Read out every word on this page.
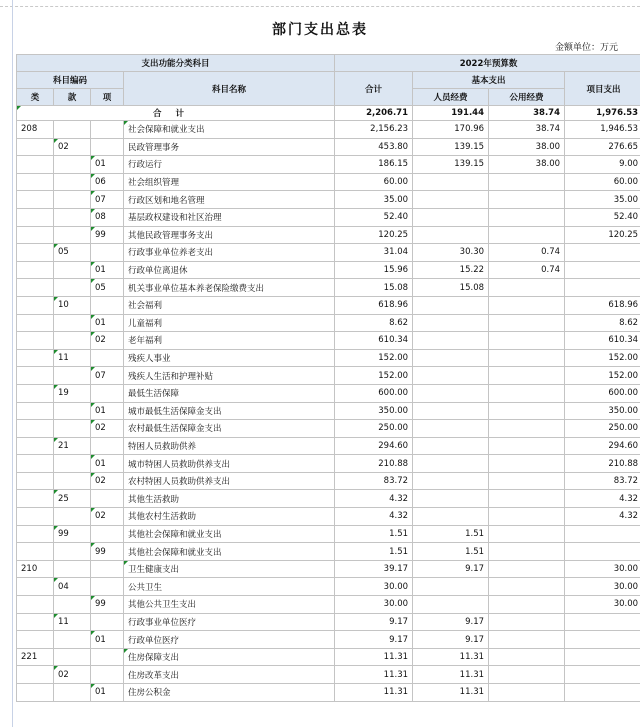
部门支出总表
金额单位：万元
支出功能分类科目				2022年预算数			
科目编码			科目名称	合计	基本支出		项目支出
类	款	项			人员经费	公用经费	
合计				2,206.71	191.44	38.74	1,976.53
208			社会保障和就业支出	2,156.23	170.96	38.74	1,946.53
	02		民政管理事务	453.80	139.15	38.00	276.65
		01	行政运行	186.15	139.15	38.00	9.00
		06	社会组织管理	60.00			60.00
		07	行政区划和地名管理	35.00			35.00
		08	基层政权建设和社区治理	52.40			52.40
		99	其他民政管理事务支出	120.25			120.25
	05		行政事业单位养老支出	31.04	30.30	0.74	
		01	行政单位离退休	15.96	15.22	0.74	
		05	机关事业单位基本养老保险缴费支出	15.08	15.08		
	10		社会福利	618.96			618.96
		01	儿童福利	8.62			8.62
		02	老年福利	610.34			610.34
	11		残疾人事业	152.00			152.00
		07	残疾人生活和护理补贴	152.00			152.00
	19		最低生活保障	600.00			600.00
		01	城市最低生活保障金支出	350.00			350.00
		02	农村最低生活保障金支出	250.00			250.00
	21		特困人员救助供养	294.60			294.60
		01	城市特困人员救助供养支出	210.88			210.88
		02	农村特困人员救助供养支出	83.72			83.72
	25		其他生活救助	4.32			4.32
		02	其他农村生活救助	4.32			4.32
	99		其他社会保障和就业支出	1.51	1.51		
		99	其他社会保障和就业支出	1.51	1.51		
210			卫生健康支出	39.17	9.17		30.00
	04		公共卫生	30.00			30.00
		99	其他公共卫生支出	30.00			30.00
	11		行政事业单位医疗	9.17	9.17		
		01	行政单位医疗	9.17	9.17		
221			住房保障支出	11.31	11.31		
	02		住房改革支出	11.31	11.31		
		01	住房公积金	11.31	11.31		
